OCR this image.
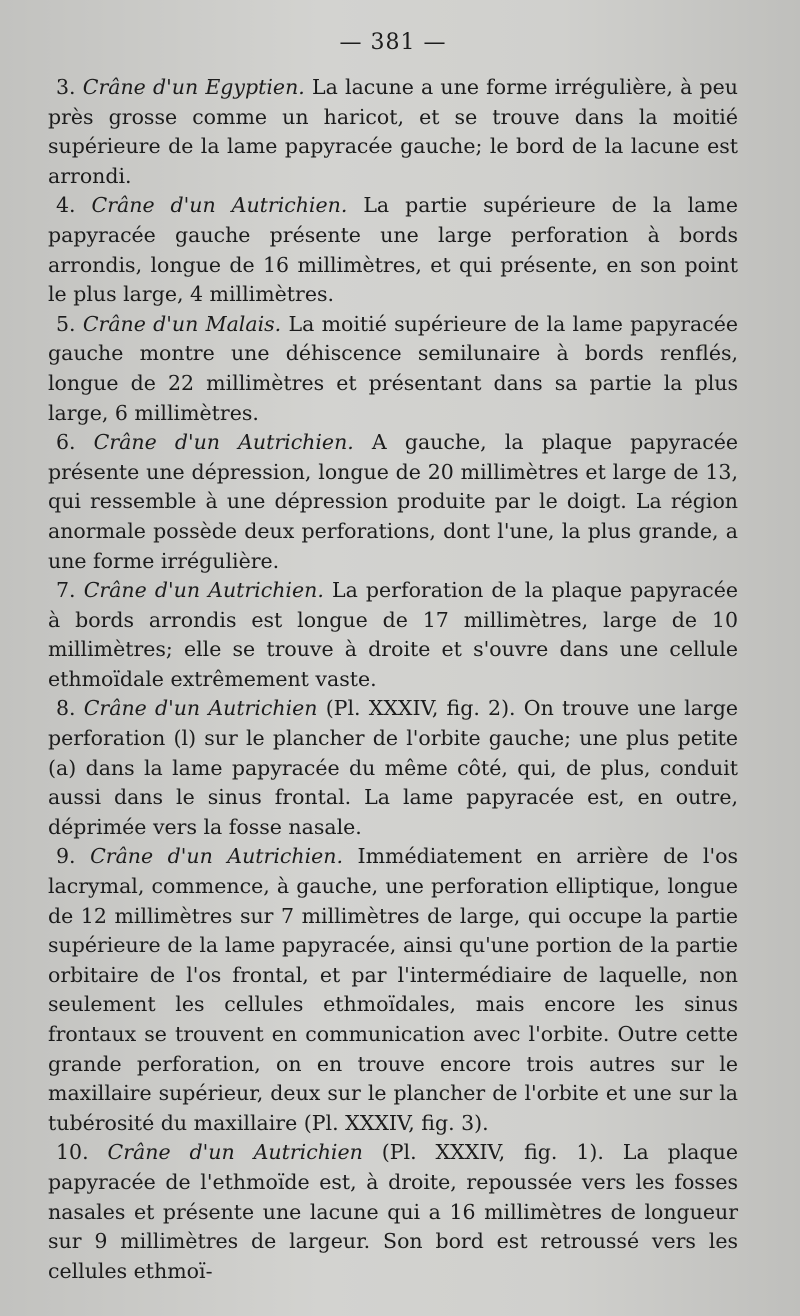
— 381 —

3. Crâne d'un Egyptien. La lacune a une forme irrégulière, à peu près grosse comme un haricot, et se trouve dans la moitié supérieure de la lame papyracée gauche; le bord de la lacune est arrondi.

4. Crâne d'un Autrichien. La partie supérieure de la lame papyracée gauche présente une large perforation à bords arrondis, longue de 16 millimètres, et qui présente, en son point le plus large, 4 millimètres.

5. Crâne d'un Malais. La moitié supérieure de la lame papyracée gauche montre une déhiscence semilunaire à bords renflés, longue de 22 millimètres et présentant dans sa partie la plus large, 6 millimètres.

6. Crâne d'un Autrichien. A gauche, la plaque papyracée présente une dépression, longue de 20 millimètres et large de 13, qui ressemble à une dépression produite par le doigt. La région anormale possède deux perforations, dont l'une, la plus grande, a une forme irrégulière.

7. Crâne d'un Autrichien. La perforation de la plaque papyracée à bords arrondis est longue de 17 millimètres, large de 10 millimètres; elle se trouve à droite et s'ouvre dans une cellule ethmoïdale extrêmement vaste.

8. Crâne d'un Autrichien (Pl. XXXIV, fig. 2). On trouve une large perforation (l) sur le plancher de l'orbite gauche; une plus petite (a) dans la lame papyracée du même côté, qui, de plus, conduit aussi dans le sinus frontal. La lame papyracée est, en outre, déprimée vers la fosse nasale.

9. Crâne d'un Autrichien. Immédiatement en arrière de l'os lacrymal, commence, à gauche, une perforation elliptique, longue de 12 millimètres sur 7 millimètres de large, qui occupe la partie supérieure de la lame papyracée, ainsi qu'une portion de la partie orbitaire de l'os frontal, et par l'intermédiaire de laquelle, non seulement les cellules ethmoïdales, mais encore les sinus frontaux se trouvent en communication avec l'orbite. Outre cette grande perforation, on en trouve encore trois autres sur le maxillaire supérieur, deux sur le plancher de l'orbite et une sur la tubérosité du maxillaire (Pl. XXXIV, fig. 3).

10. Crâne d'un Autrichien (Pl. XXXIV, fig. 1). La plaque papyracée de l'ethmoïde est, à droite, repoussée vers les fosses nasales et présente une lacune qui a 16 millimètres de longueur sur 9 millimètres de largeur. Son bord est retroussé vers les cellules ethmoï-
